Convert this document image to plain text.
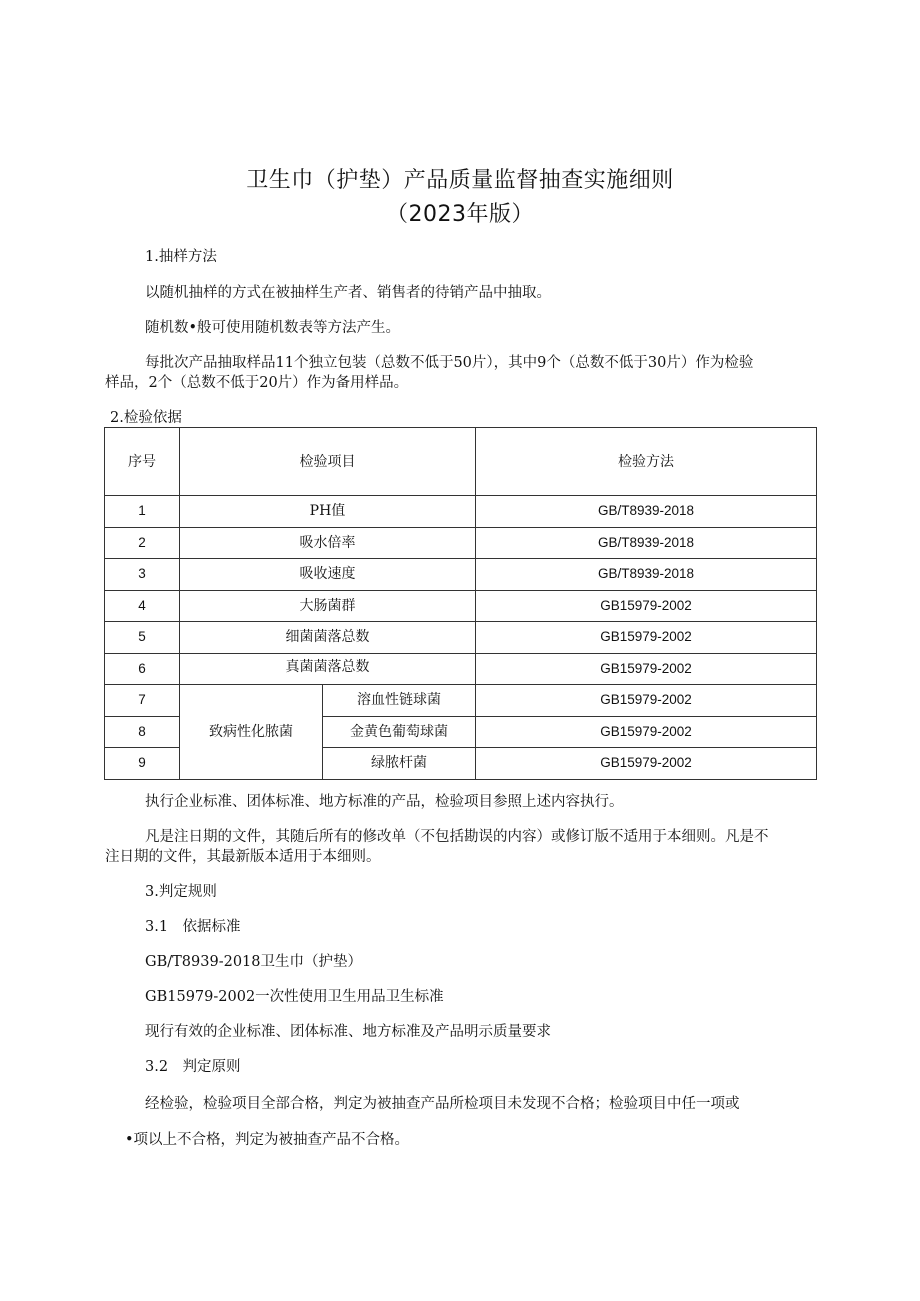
卫生巾（护垫）产品质量监督抽查实施细则
（2023年版）
1.抽样方法
以随机抽样的方式在被抽样生产者、销售者的待销产品中抽取。
随机数•般可使用随机数表等方法产生。
每批次产品抽取样品11个独立包装（总数不低于50片），其中9个（总数不低于30片）作为检验
样品，2个（总数不低于20片）作为备用样品。
2.检验依据
序号	检验项目		检验方法
1	PH值		GB/T8939-2018
2	吸水倍率		GB/T8939-2018
3	吸收速度		GB/T8939-2018
4	大肠菌群		GB15979-2002
5	细菌菌落总数		GB15979-2002
6	真菌菌落总数		GB15979-2002
7	致病性化脓菌	溶血性链球菌	GB15979-2002
8		金黄色葡萄球菌	GB15979-2002
9		绿脓杆菌	GB15979-2002
执行企业标准、团体标准、地方标准的产品，检验项目参照上述内容执行。
凡是注日期的文件，其随后所有的修改单（不包括勘误的内容）或修订版不适用于本细则。凡是不
注日期的文件，其最新版本适用于本细则。
3.判定规则
3.1　依据标准
GB/T8939-2018卫生巾（护垫）
GB15979-2002一次性使用卫生用品卫生标准
现行有效的企业标准、团体标准、地方标准及产品明示质量要求
3.2　判定原则
经检验，检验项目全部合格，判定为被抽查产品所检项目未发现不合格；检验项目中任一项或
•项以上不合格，判定为被抽查产品不合格。
